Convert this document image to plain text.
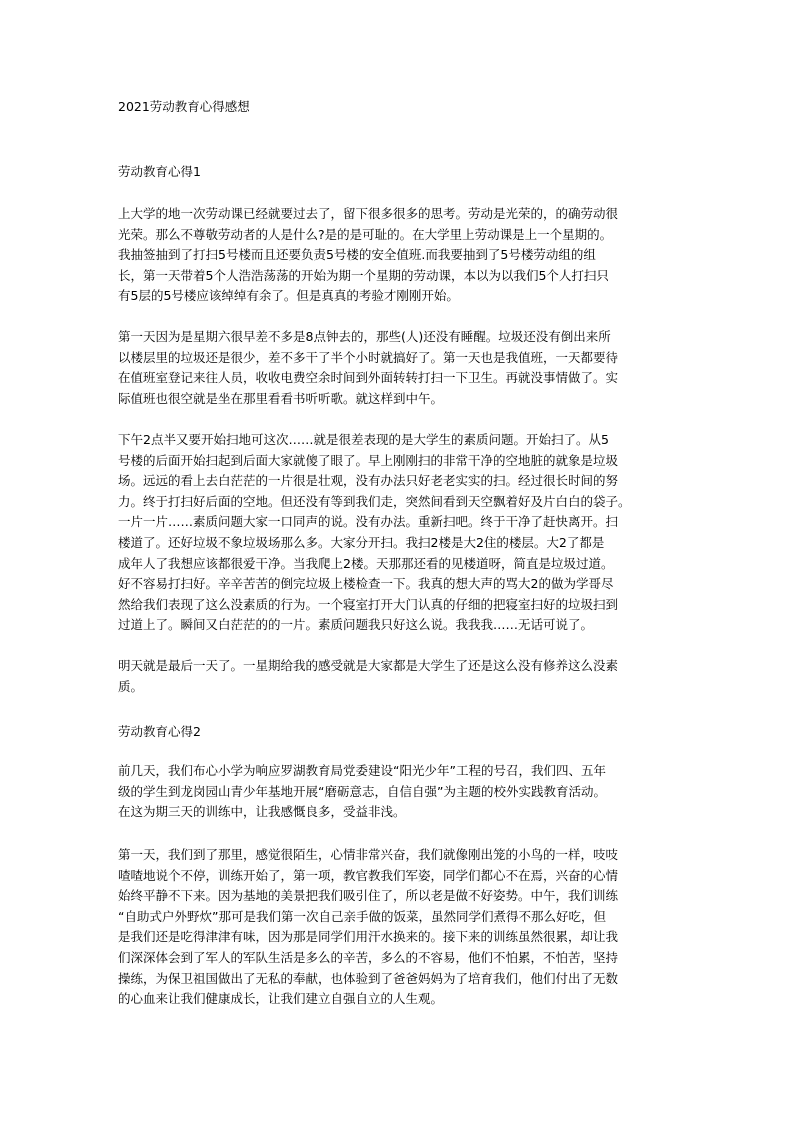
2021劳动教育心得感想
劳动教育心得1
上大学的地一次劳动课已经就要过去了，留下很多很多的思考。劳动是光荣的，的确劳动很
光荣。那么不尊敬劳动者的人是什么?是的是可耻的。在大学里上劳动课是上一个星期的。
我抽签抽到了打扫5号楼而且还要负责5号楼的安全值班.而我要抽到了5号楼劳动组的组
长，第一天带着5个人浩浩荡荡的开始为期一个星期的劳动课，本以为以我们5个人打扫只
有5层的5号楼应该绰绰有余了。但是真真的考验才刚刚开始。
第一天因为是星期六很早差不多是8点钟去的，那些(人)还没有睡醒。垃圾还没有倒出来所
以楼层里的垃圾还是很少，差不多干了半个小时就搞好了。第一天也是我值班，一天都要待
在值班室登记来往人员，收收电费空余时间到外面转转打扫一下卫生。再就没事情做了。实
际值班也很空就是坐在那里看看书听听歌。就这样到中午。
下午2点半又要开始扫地可这次……就是很差表现的是大学生的素质问题。开始扫了。从5
号楼的后面开始扫起到后面大家就傻了眼了。早上刚刚扫的非常干净的空地脏的就象是垃圾
场。远远的看上去白茫茫的一片很是壮观，没有办法只好老老实实的扫。经过很长时间的努
力。终于打扫好后面的空地。但还没有等到我们走，突然间看到天空飘着好及片白白的袋子。
一片一片……素质问题大家一口同声的说。没有办法。重新扫吧。终于干净了赶快离开。扫
楼道了。还好垃圾不象垃圾场那么多。大家分开扫。我扫2楼是大2住的楼层。大2了都是
成年人了我想应该都很爱干净。当我爬上2楼。天那那还看的见楼道呀，简直是垃圾过道。
好不容易打扫好。辛辛苦苦的倒完垃圾上楼检查一下。我真的想大声的骂大2的做为学哥尽
然给我们表现了这么没素质的行为。一个寝室打开大门认真的仔细的把寝室扫好的垃圾扫到
过道上了。瞬间又白茫茫的的一片。素质问题我只好这么说。我我我……无话可说了。
明天就是最后一天了。一星期给我的感受就是大家都是大学生了还是这么没有修养这么没素
质。
劳动教育心得2
前几天，我们布心小学为响应罗湖教育局党委建设“阳光少年”工程的号召，我们四、五年
级的学生到龙岗园山青少年基地开展“磨砺意志，自信自强”为主题的校外实践教育活动。
在这为期三天的训练中，让我感慨良多，受益非浅。
第一天，我们到了那里，感觉很陌生，心情非常兴奋，我们就像刚出笼的小鸟的一样，吱吱
喳喳地说个不停，训练开始了，第一项，教官教我们军姿，同学们都心不在焉，兴奋的心情
始终平静不下来。因为基地的美景把我们吸引住了，所以老是做不好姿势。中午，我们训练
“自助式户外野炊”那可是我们第一次自己亲手做的饭菜，虽然同学们煮得不那么好吃，但
是我们还是吃得津津有味，因为那是同学们用汗水换来的。接下来的训练虽然很累，却让我
们深深体会到了军人的军队生活是多么的辛苦，多么的不容易，他们不怕累，不怕苦，坚持
操练，为保卫祖国做出了无私的奉献，也体验到了爸爸妈妈为了培育我们，他们付出了无数
的心血来让我们健康成长，让我们建立自强自立的人生观。
